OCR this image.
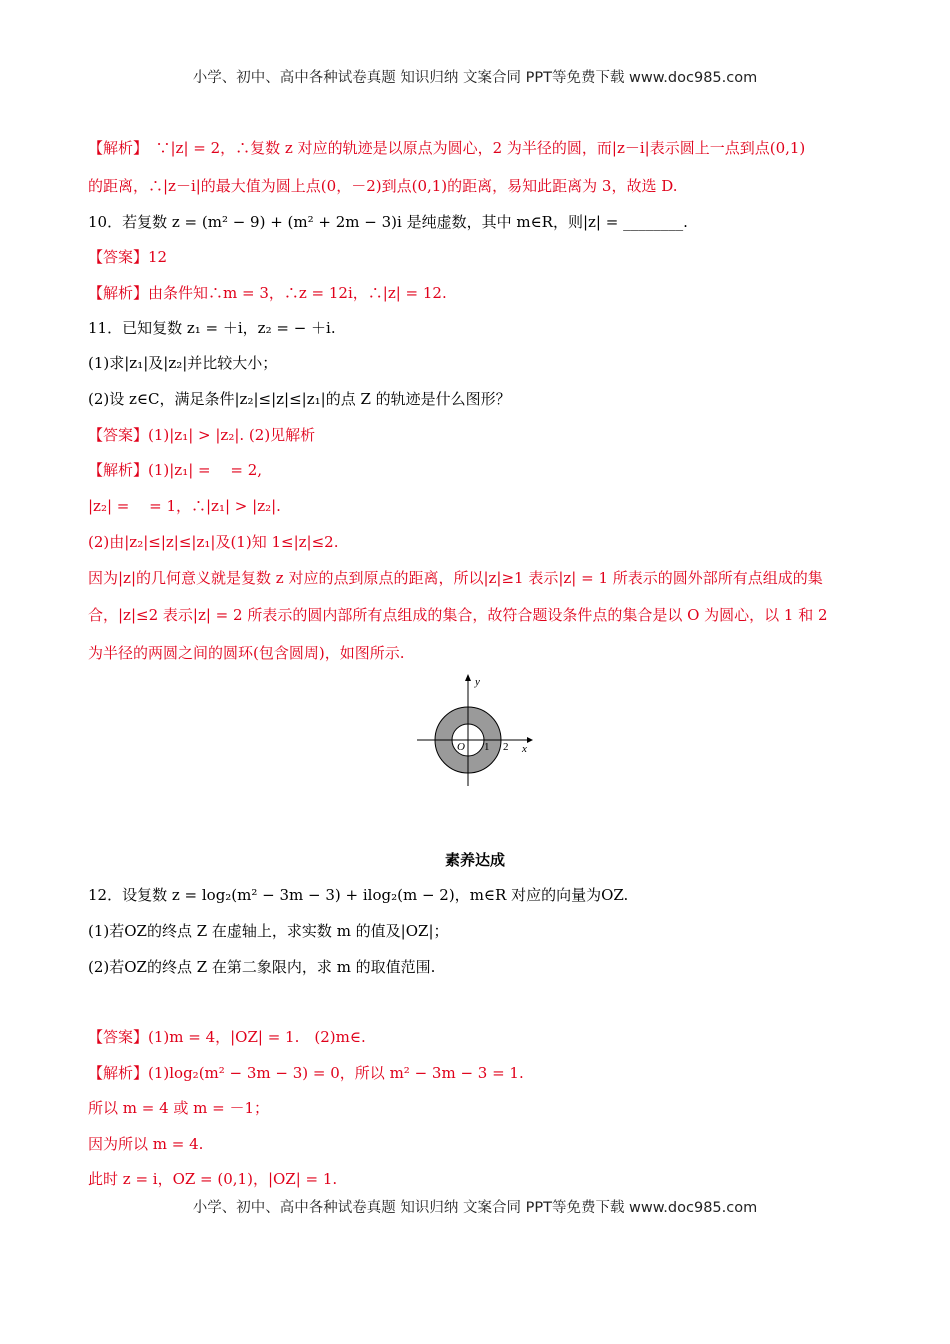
小学、初中、高中各种试卷真题 知识归纳 文案合同 PPT等免费下载 www.doc985.com
【解析】　∵|z| = 2，∴复数 z 对应的轨迹是以原点为圆心，2 为半径的圆，而|z－i|表示圆上一点到点(0,1)
的距离，∴|z－i|的最大值为圆上点(0，－2)到点(0,1)的距离，易知此距离为 3，故选 D.
10．若复数 z = (m² − 9) + (m² + 2m − 3)i 是纯虚数，其中 m∈R，则|z| = ________.
【答案】12
【解析】由条件知∴m = 3，∴z = 12i，∴|z| = 12.
11．已知复数 z₁ = ＋i，z₂ = − ＋i.
(1)求|z₁|及|z₂|并比较大小；
(2)设 z∈C，满足条件|z₂|≤|z|≤|z₁|的点 Z 的轨迹是什么图形？
【答案】(1)|z₁| > |z₂|. (2)见解析
【解析】(1)|z₁| = 　= 2,
|z₂| = 　= 1，∴|z₁| > |z₂|.
(2)由|z₂|≤|z|≤|z₁|及(1)知 1≤|z|≤2.
因为|z|的几何意义就是复数 z 对应的点到原点的距离，所以|z|≥1 表示|z| = 1 所表示的圆外部所有点组成的集
合，|z|≤2 表示|z| = 2 所表示的圆内部所有点组成的集合，故符合题设条件点的集合是以 O 为圆心，以 1 和 2
为半径的两圆之间的圆环(包含圆周)，如图所示.
y
x
O 1 2
素养达成
12．设复数 z = log₂(m² − 3m − 3) + ilog₂(m − 2)，m∈R 对应的向量为OZ.
(1)若OZ的终点 Z 在虚轴上，求实数 m 的值及|OZ|；
(2)若OZ的终点 Z 在第二象限内，求 m 的取值范围.
【答案】(1)m = 4，|OZ| = 1.　(2)m∈.
【解析】(1)log₂(m² − 3m − 3) = 0，所以 m² − 3m − 3 = 1.
所以 m = 4 或 m = －1；
因为所以 m = 4.
此时 z = i，OZ = (0,1)，|OZ| = 1.
小学、初中、高中各种试卷真题 知识归纳 文案合同 PPT等免费下载 www.doc985.com
